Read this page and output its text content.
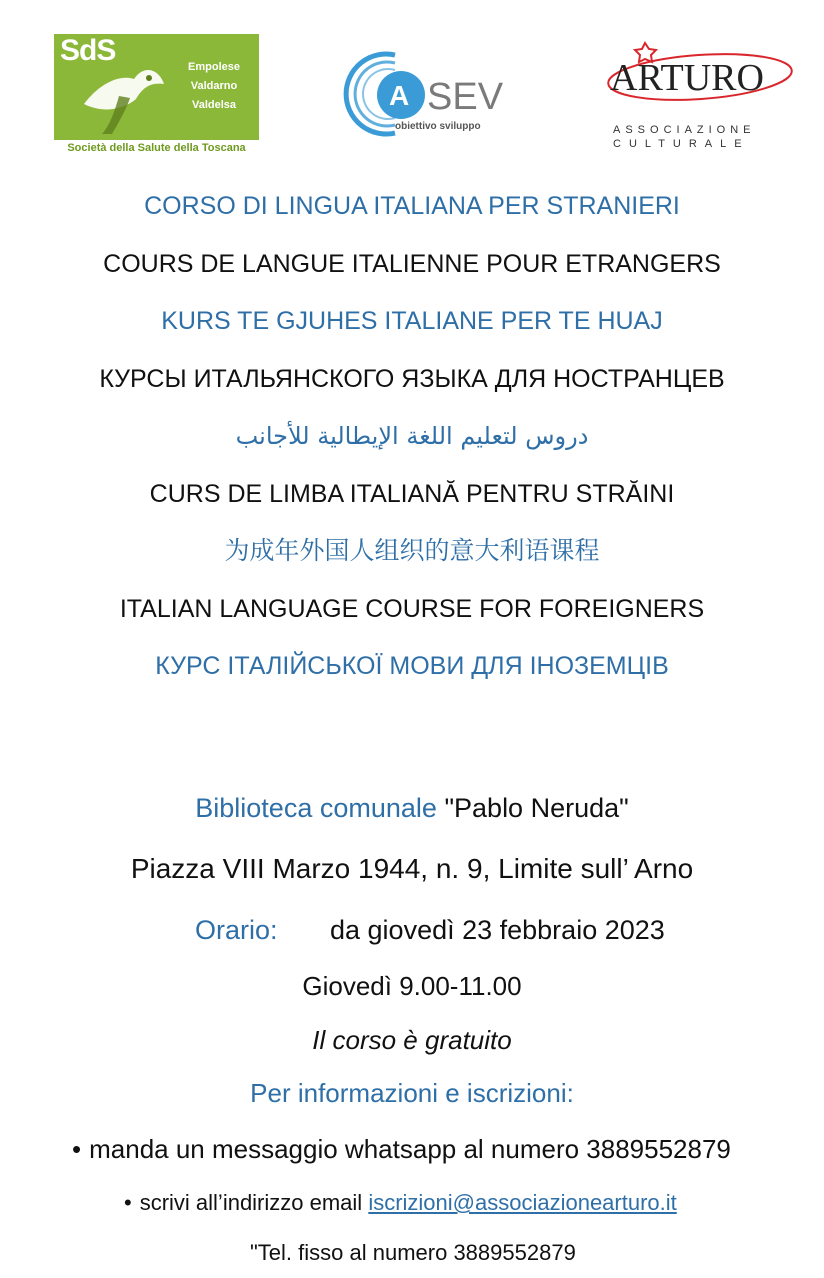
SdS	Empolese
Valdarno
Valdelsa
Società della Salute della Toscana
A SEV
obiettivo sviluppo
ARTURO
ASSOCIAZIONE
CULTURALE
CORSO DI LINGUA ITALIANA PER STRANIERI
COURS DE LANGUE ITALIENNE POUR ETRANGERS
KURS TE GJUHES ITALIANE PER TE HUAJ
КУРСЫ ИТАЛЬЯНСКОГО ЯЗЫКА ДЛЯ НОСТРАНЦЕВ
دروس لتعليم اللغة الإيطالية للأجانب
CURS DE LIMBA ITALIANĂ PENTRU STRĂINI
为成年外国人组织的意大利语课程
ITALIAN LANGUAGE COURSE FOR FOREIGNERS
КУРС ІТАЛІЙСЬКОЇ МОВИ ДЛЯ ІНОЗЕМЦІВ
Biblioteca comunale "Pablo Neruda"
Piazza VIII Marzo 1944, n. 9, Limite sull’ Arno
Orario: da giovedì 23 febbraio 2023
Giovedì 9.00-11.00
Il corso è gratuito
Per informazioni e iscrizioni:
• manda un messaggio whatsapp al numero 3889552879
• scrivi all’indirizzo email iscrizioni@associazionearturo.it
"Tel. fisso al numero 3889552879
